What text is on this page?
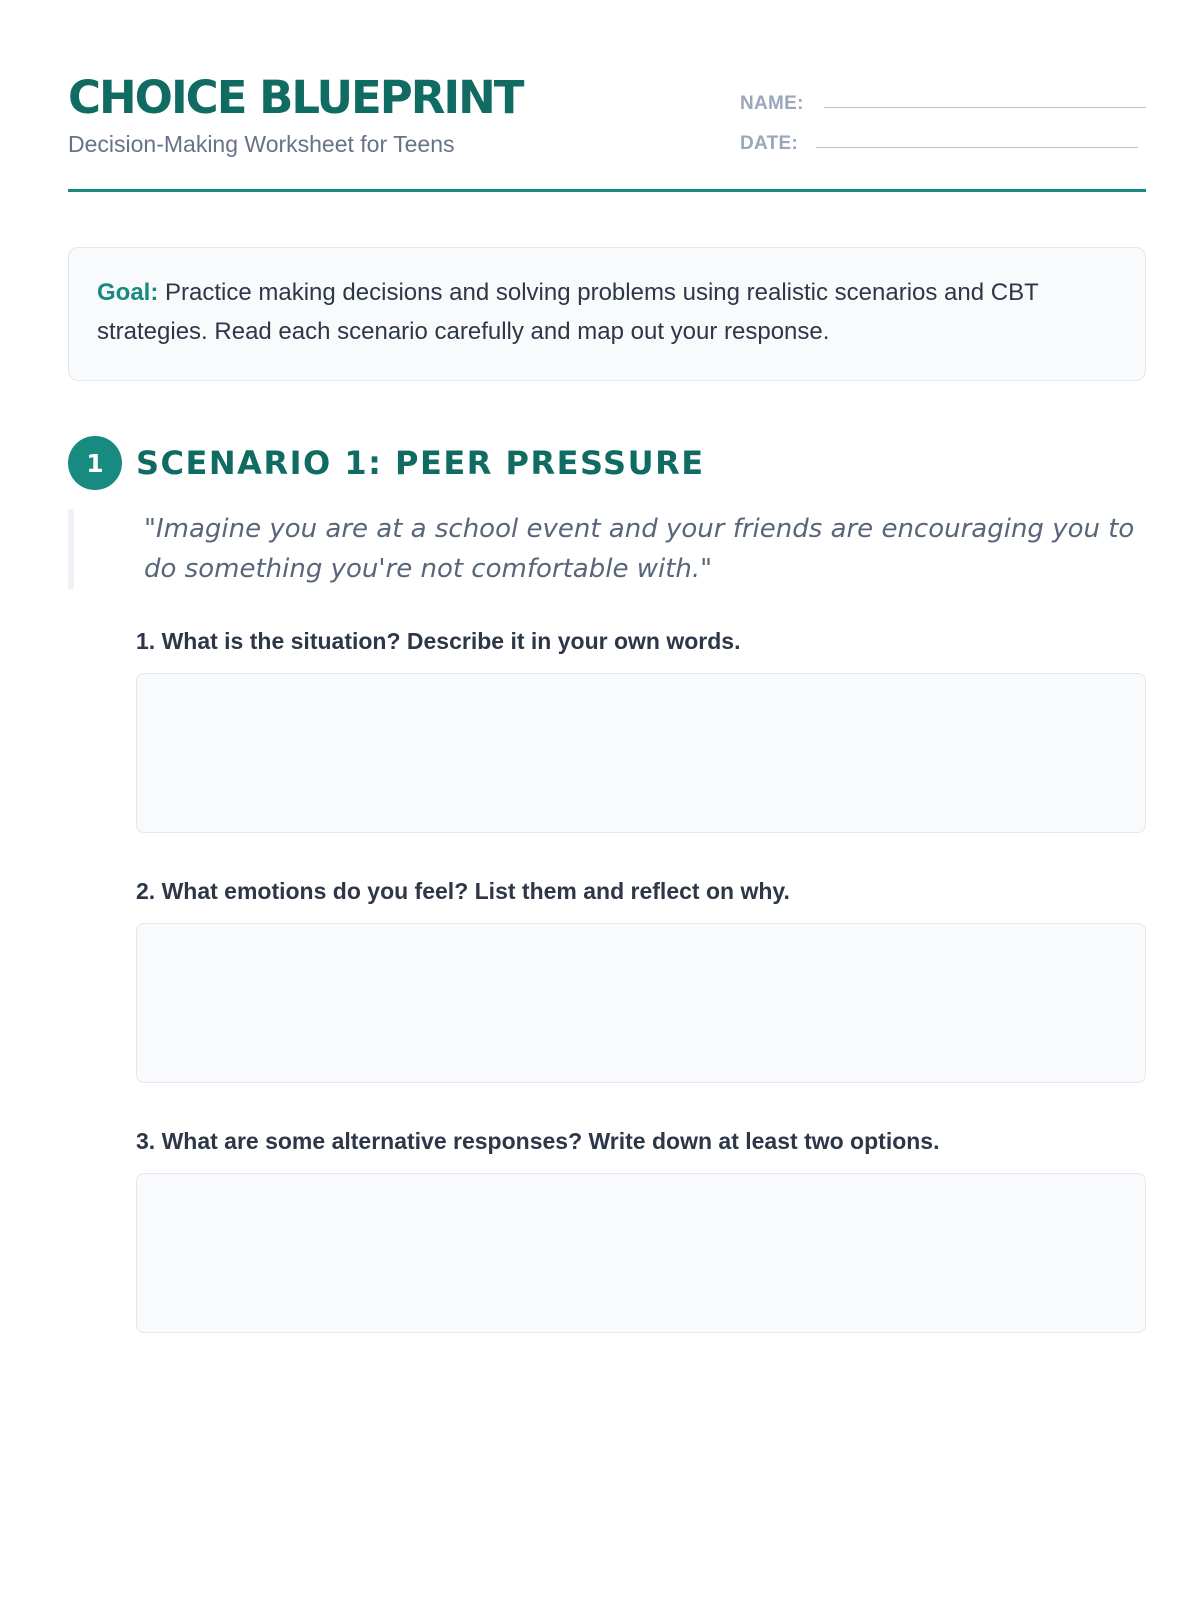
CHOICE BLUEPRINT
Decision-Making Worksheet for Teens
NAME:
DATE:
Goal: Practice making decisions and solving problems using realistic scenarios and CBT strategies. Read each scenario carefully and map out your response.
1	SCENARIO 1: PEER PRESSURE
"Imagine you are at a school event and your friends are encouraging you to do something you're not comfortable with."
1. What is the situation? Describe it in your own words.
2. What emotions do you feel? List them and reflect on why.
3. What are some alternative responses? Write down at least two options.
